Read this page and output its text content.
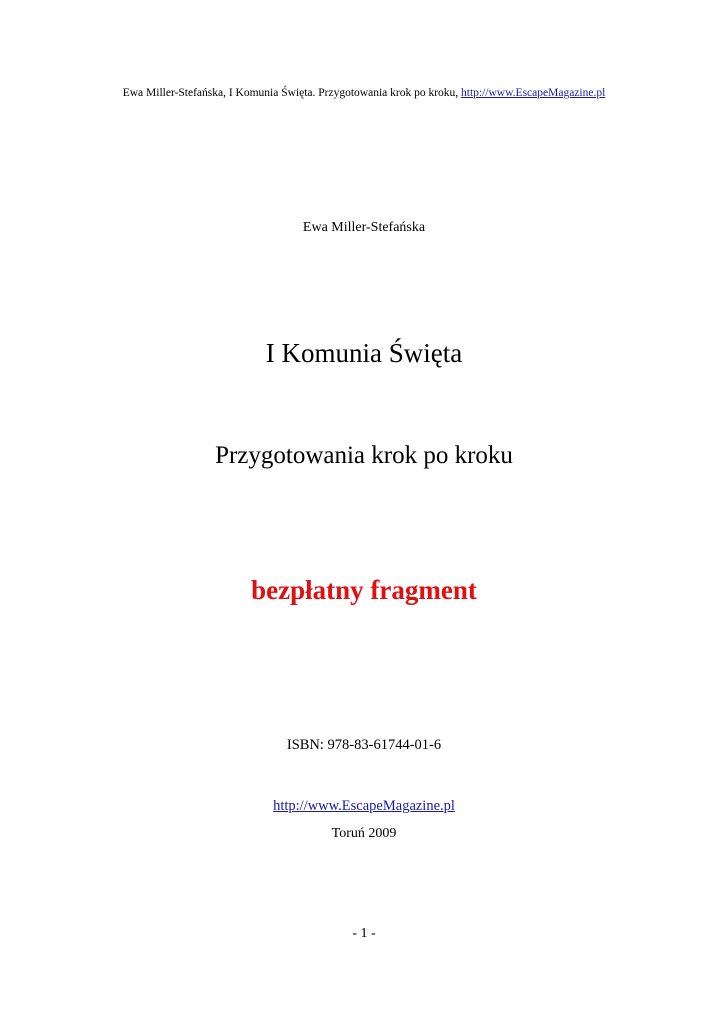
Ewa Miller-Stefańska, I Komunia Święta. Przygotowania krok po kroku, http://www.EscapeMagazine.pl
Ewa Miller-Stefańska
I Komunia Święta
Przygotowania krok po kroku
bezpłatny fragment
ISBN: 978-83-61744-01-6
http://www.EscapeMagazine.pl
Toruń 2009
- 1 -
